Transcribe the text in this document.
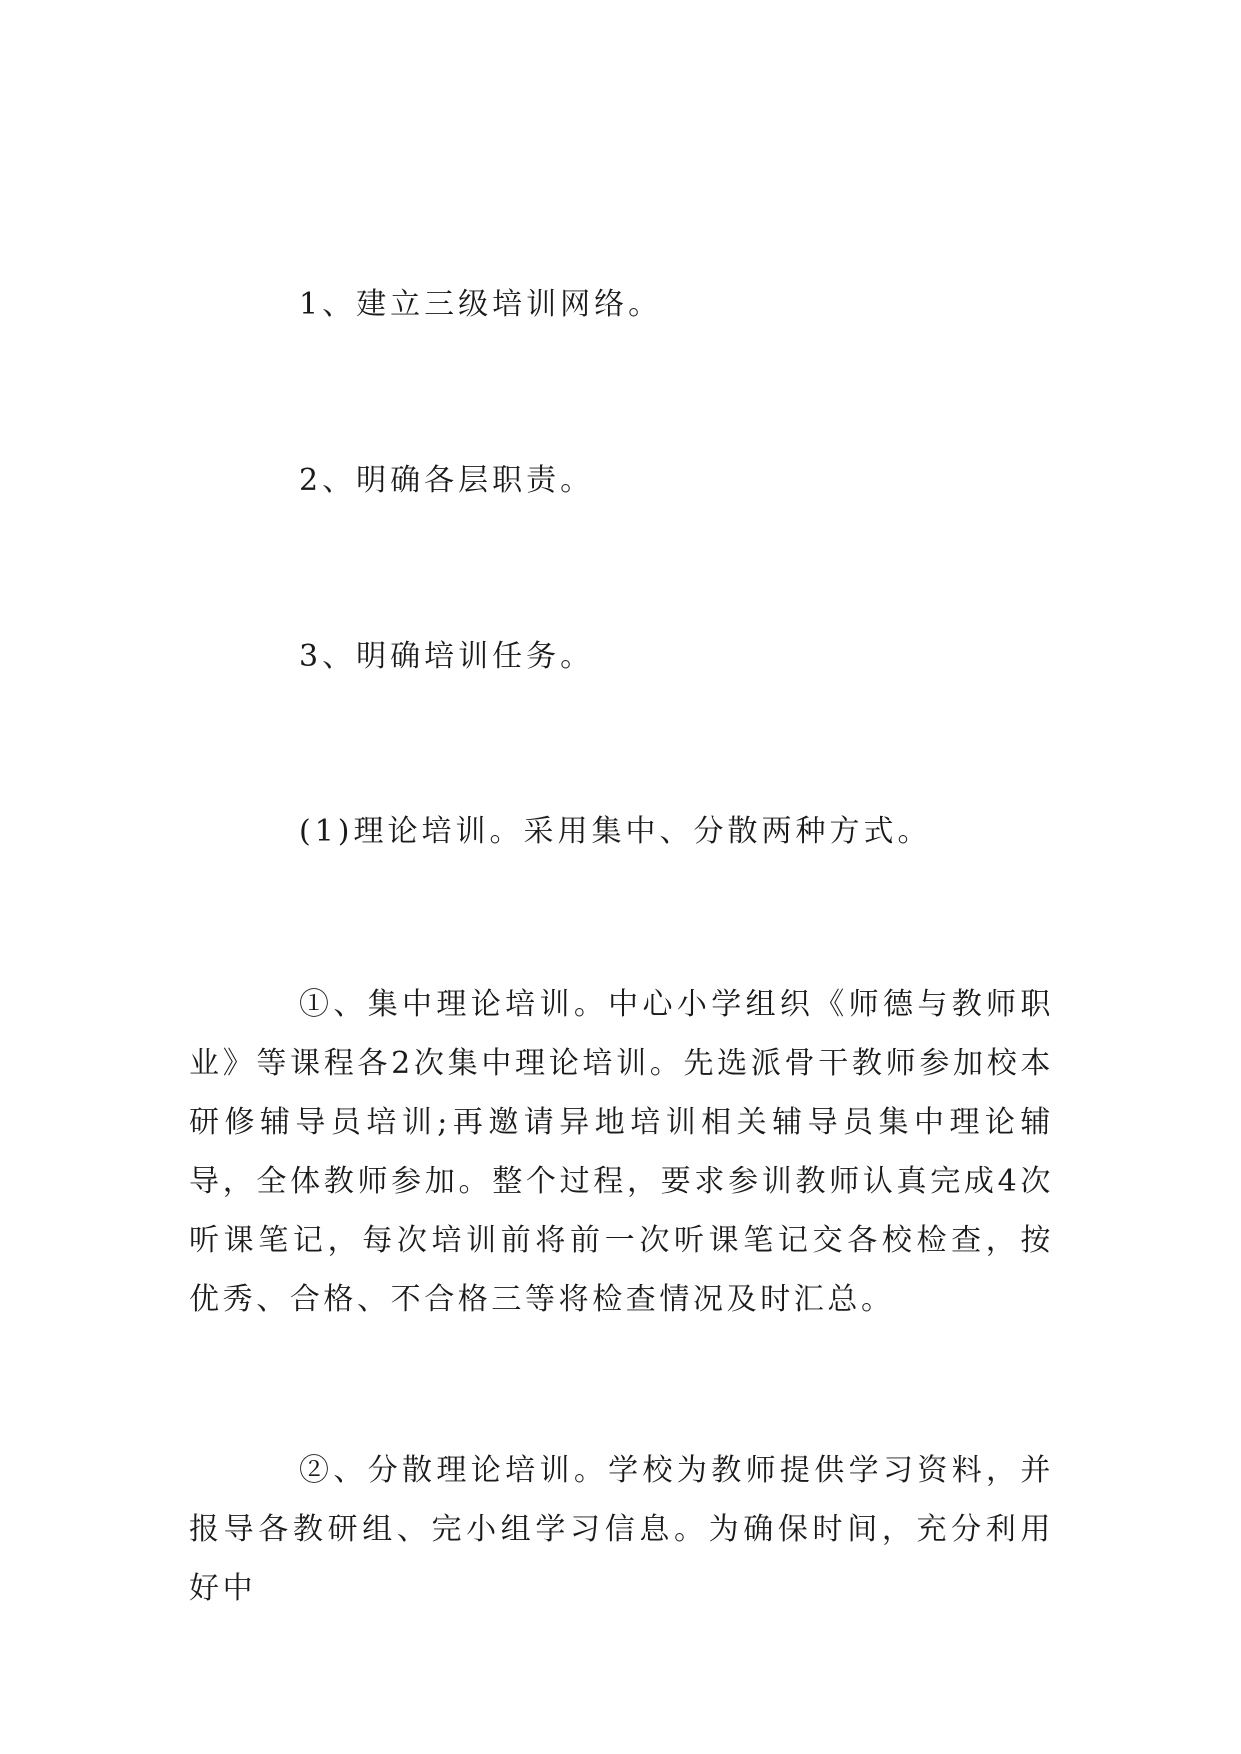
1、建立三级培训网络。
2、明确各层职责。
3、明确培训任务。
(1)理论培训。采用集中、分散两种方式。

①、集中理论培训。中心小学组织《师德与教师职业》等课程各2次集中理论培训。先选派骨干教师参加校本研修辅导员培训;再邀请异地培训相关辅导员集中理论辅导，全体教师参加。整个过程，要求参训教师认真完成4次听课笔记，每次培训前将前一次听课笔记交各校检查，按优秀、合格、不合格三等将检查情况及时汇总。

②、分散理论培训。学校为教师提供学习资料，并报导各教研组、完小组学习信息。为确保时间，充分利用好中
